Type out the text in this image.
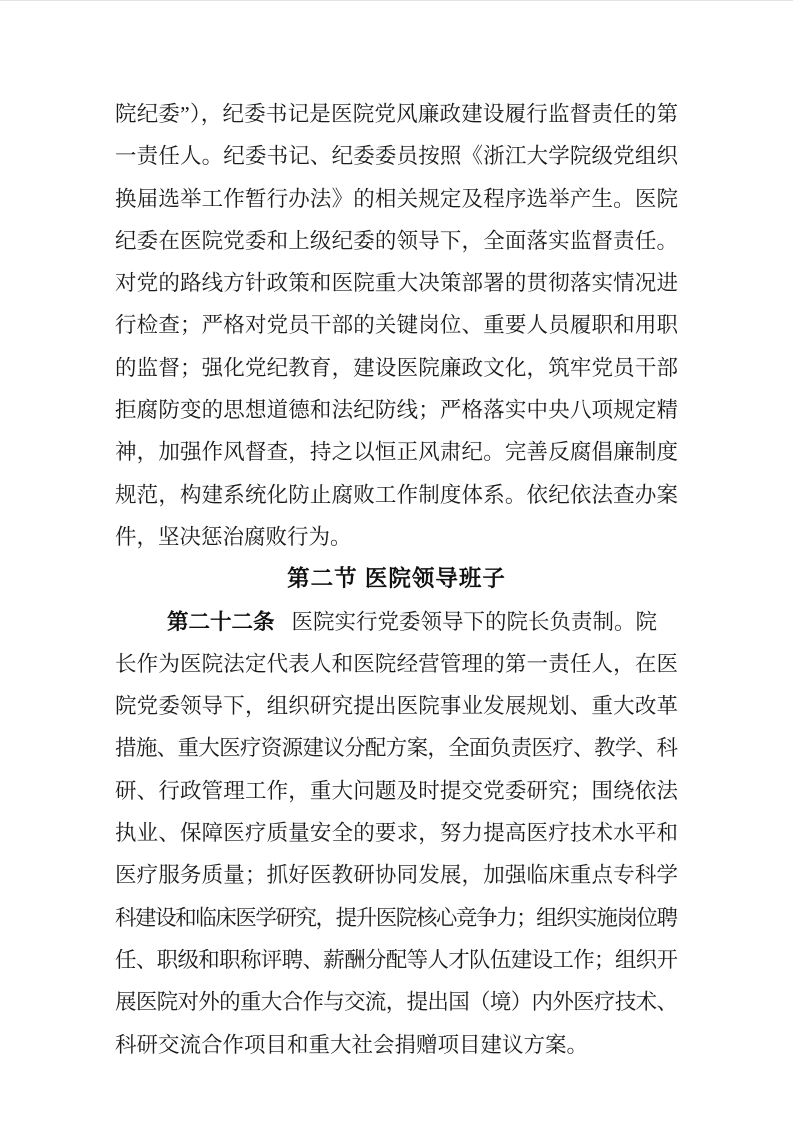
院纪委”），纪委书记是医院党风廉政建设履行监督责任的第
一责任人。纪委书记、纪委委员按照《浙江大学院级党组织
换届选举工作暂行办法》的相关规定及程序选举产生。医院
纪委在医院党委和上级纪委的领导下，全面落实监督责任。
对党的路线方针政策和医院重大决策部署的贯彻落实情况进
行检查；严格对党员干部的关键岗位、重要人员履职和用职
的监督；强化党纪教育，建设医院廉政文化，筑牢党员干部
拒腐防变的思想道德和法纪防线；严格落实中央八项规定精
神，加强作风督查，持之以恒正风肃纪。完善反腐倡廉制度
规范，构建系统化防止腐败工作制度体系。依纪依法查办案
件，坚决惩治腐败行为。
第二节 医院领导班子
第二十二条 医院实行党委领导下的院长负责制。院
长作为医院法定代表人和医院经营管理的第一责任人，在医
院党委领导下，组织研究提出医院事业发展规划、重大改革
措施、重大医疗资源建议分配方案，全面负责医疗、教学、科
研、行政管理工作，重大问题及时提交党委研究；围绕依法
执业、保障医疗质量安全的要求，努力提高医疗技术水平和
医疗服务质量；抓好医教研协同发展，加强临床重点专科学
科建设和临床医学研究，提升医院核心竞争力；组织实施岗位聘
任、职级和职称评聘、薪酬分配等人才队伍建设工作；组织开
展医院对外的重大合作与交流，提出国（境）内外医疗技术、
科研交流合作项目和重大社会捐赠项目建议方案。
